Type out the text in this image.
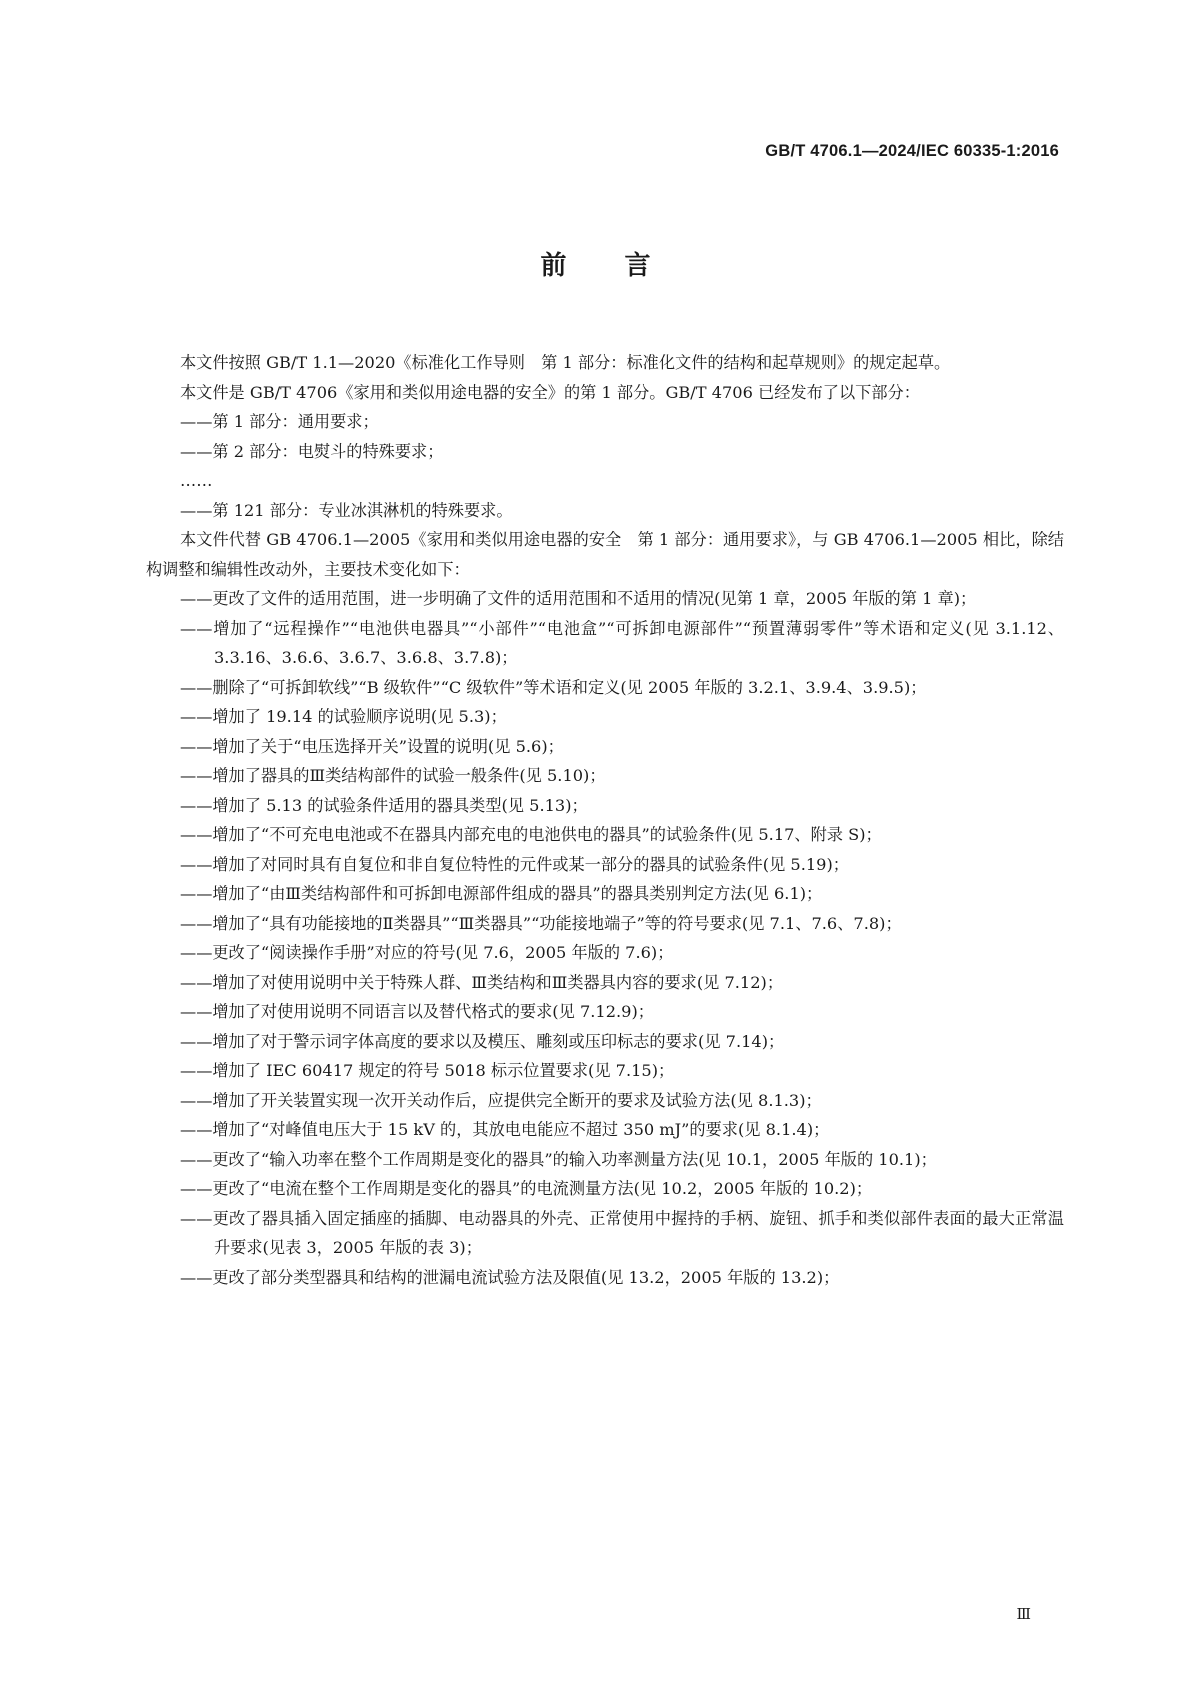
GB/T 4706.1—2024/IEC 60335-1:2016
前言

本文件按照 GB/T 1.1—2020《标准化工作导则　第 1 部分：标准化文件的结构和起草规则》的规定起草。

本文件是 GB/T 4706《家用和类似用途电器的安全》的第 1 部分。GB/T 4706 已经发布了以下部分：

——第 1 部分：通用要求；

——第 2 部分：电熨斗的特殊要求；

……

——第 121 部分：专业冰淇淋机的特殊要求。

本文件代替 GB 4706.1—2005《家用和类似用途电器的安全　第 1 部分：通用要求》，与 GB 4706.1—2005 相比，除结构调整和编辑性改动外，主要技术变化如下：

——更改了文件的适用范围，进一步明确了文件的适用范围和不适用的情况(见第 1 章，2005 年版的第 1 章)；

——增加了“远程操作”“电池供电器具”“小部件”“电池盒”“可拆卸电源部件”“预置薄弱零件”等术语和定义(见 3.1.12、3.3.16、3.6.6、3.6.7、3.6.8、3.7.8)；

——删除了“可拆卸软线”“B 级软件”“C 级软件”等术语和定义(见 2005 年版的 3.2.1、3.9.4、3.9.5)；

——增加了 19.14 的试验顺序说明(见 5.3)；

——增加了关于“电压选择开关”设置的说明(见 5.6)；

——增加了器具的Ⅲ类结构部件的试验一般条件(见 5.10)；

——增加了 5.13 的试验条件适用的器具类型(见 5.13)；

——增加了“不可充电电池或不在器具内部充电的电池供电的器具”的试验条件(见 5.17、附录 S)；

——增加了对同时具有自复位和非自复位特性的元件或某一部分的器具的试验条件(见 5.19)；

——增加了“由Ⅲ类结构部件和可拆卸电源部件组成的器具”的器具类别判定方法(见 6.1)；

——增加了“具有功能接地的Ⅱ类器具”“Ⅲ类器具”“功能接地端子”等的符号要求(见 7.1、7.6、7.8)；

——更改了“阅读操作手册”对应的符号(见 7.6，2005 年版的 7.6)；

——增加了对使用说明中关于特殊人群、Ⅲ类结构和Ⅲ类器具内容的要求(见 7.12)；

——增加了对使用说明不同语言以及替代格式的要求(见 7.12.9)；

——增加了对于警示词字体高度的要求以及模压、雕刻或压印标志的要求(见 7.14)；

——增加了 IEC 60417 规定的符号 5018 标示位置要求(见 7.15)；

——增加了开关装置实现一次开关动作后，应提供完全断开的要求及试验方法(见 8.1.3)；

——增加了“对峰值电压大于 15 kV 的，其放电电能应不超过 350 mJ”的要求(见 8.1.4)；

——更改了“输入功率在整个工作周期是变化的器具”的输入功率测量方法(见 10.1，2005 年版的 10.1)；

——更改了“电流在整个工作周期是变化的器具”的电流测量方法(见 10.2，2005 年版的 10.2)；

——更改了器具插入固定插座的插脚、电动器具的外壳、正常使用中握持的手柄、旋钮、抓手和类似部件表面的最大正常温升要求(见表 3，2005 年版的表 3)；

——更改了部分类型器具和结构的泄漏电流试验方法及限值(见 13.2，2005 年版的 13.2)；

Ⅲ
